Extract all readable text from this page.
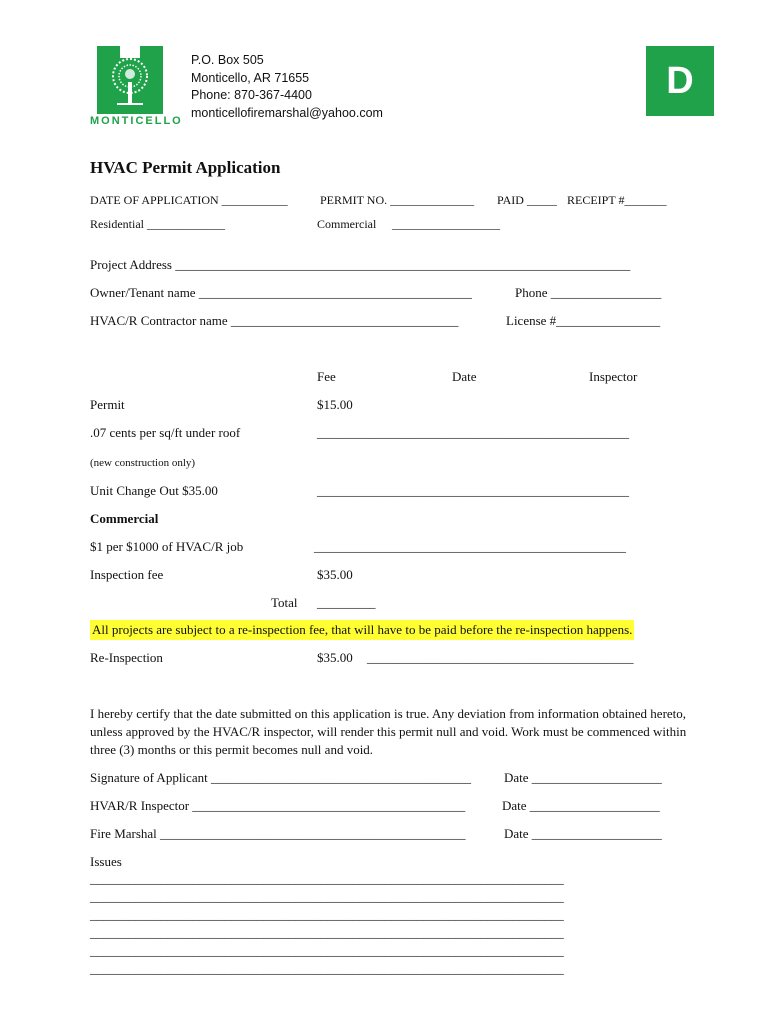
MONTICELLO
P.O. Box 505
Monticello, AR 71655
Phone: 870-367-4400
monticellofiremarshal@yahoo.com
D
HVAC Permit Application
DATE OF APPLICATION ___________	PERMIT NO. ______________ PAID _____ RECEIPT #_______
Residential _____________	Commercial __________________
Project Address ______________________________________________________________________
Owner/Tenant name __________________________________________	Phone _________________
HVAC/R Contractor name ___________________________________	License #________________
Fee	Date	Inspector
Permit	$15.00
.07 cents per sq/ft under roof	________________________________________________
(new construction only)
Unit Change Out $35.00	________________________________________________
Commercial
$1 per $1000 of HVAC/R job	________________________________________________
Inspection fee	$35.00
Total _________
All projects are subject to a re-inspection fee, that will have to be paid before the re-inspection happens.
Re-Inspection	$35.00 _________________________________________
I hereby certify that the date submitted on this application is true. Any deviation from information obtained hereto, unless approved by the HVAC/R inspector, will render this permit null and void. Work must be commenced within three (3) months or this permit becomes null and void.
Signature of Applicant ________________________________________	Date ____________________
HVAR/R Inspector __________________________________________	Date ____________________
Fire Marshal _______________________________________________	Date ____________________
Issues
__________________________________________________________________________
__________________________________________________________________________
__________________________________________________________________________
__________________________________________________________________________
__________________________________________________________________________
__________________________________________________________________________
